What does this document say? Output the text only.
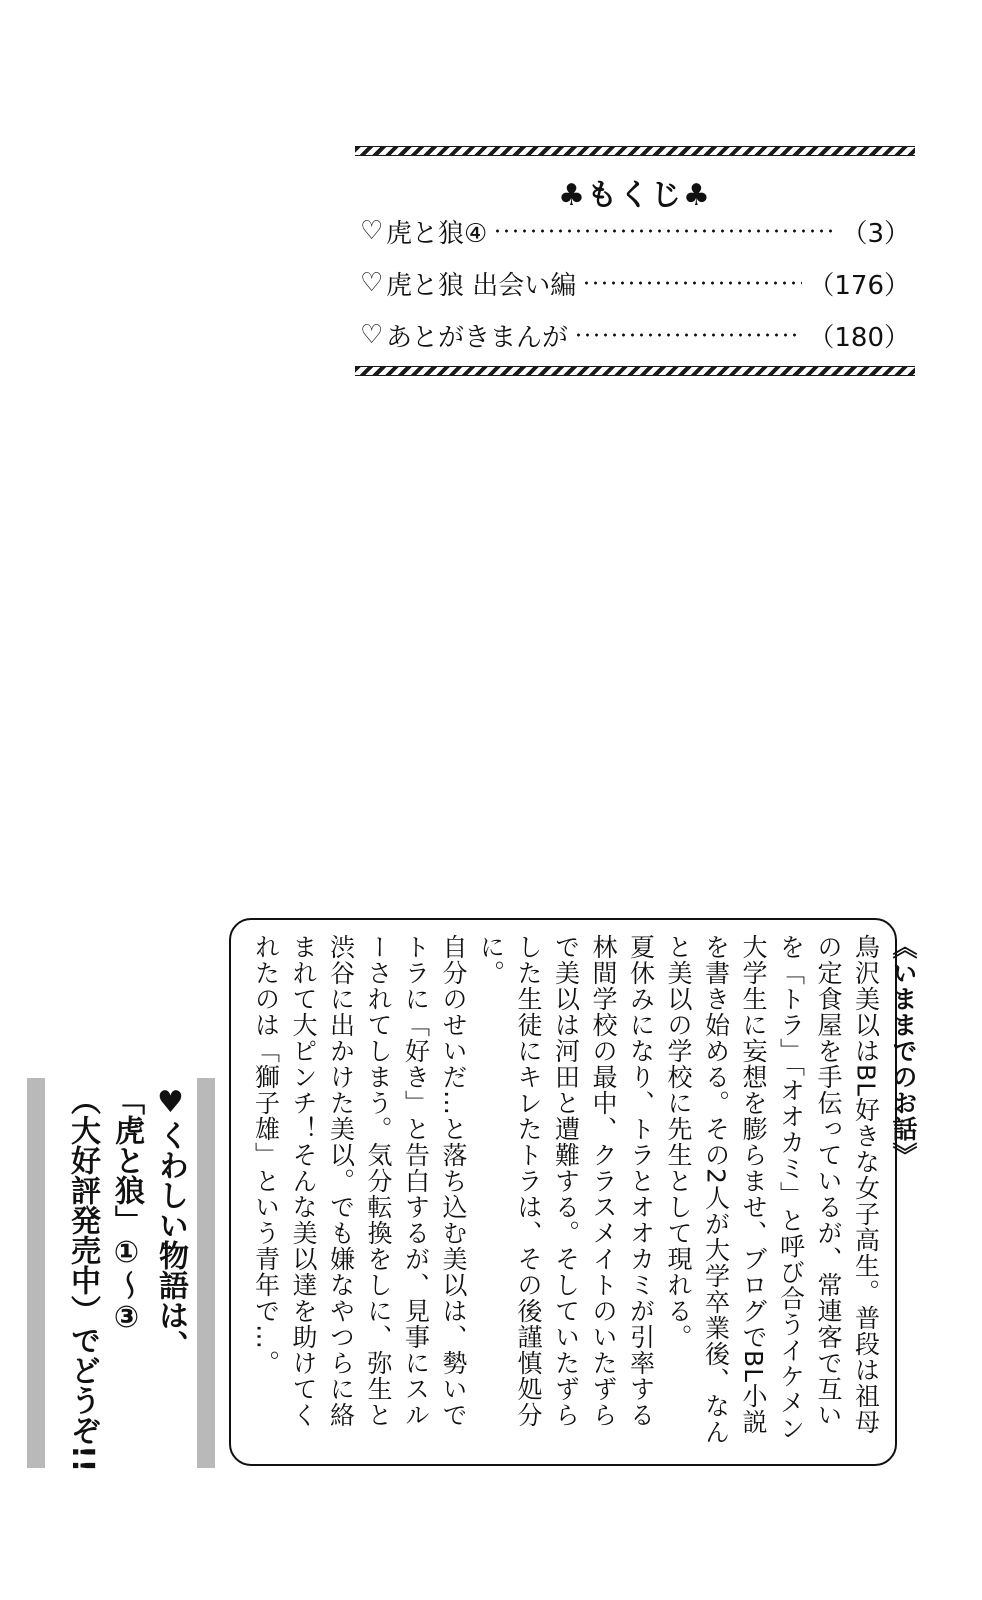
♣もくじ♣
♡ 虎と狼④	（3）
♡ 虎と狼 出会い編	（176）
♡ あとがきまんが	（180）

《いままでのお話》

鳥沢美以はBL好きな女子高生。普段は祖母の定食屋を手伝っているが、常連客で互いを「トラ」「オオカミ」と呼び合うイケメン大学生に妄想を膨らませ、ブログでBL小説を書き始める。その2人が大学卒業後、なんと美以の学校に先生として現れる。

夏休みになり、トラとオオカミが引率する林間学校の最中、クラスメイトのいたずらで美以は河田と遭難する。そしていたずらした生徒にキレたトラは、その後謹慎処分に。

自分のせいだ…と落ち込む美以は、勢いでトラに「好き」と告白するが、見事にスルーされてしまう。気分転換をしに、弥生と渋谷に出かけた美以。でも嫌なやつらに絡まれて大ピンチ！そんな美以達を助けてくれたのは「獅子雄」という青年で…。

♥くわしい物語は、
「虎と狼」①〜③
（大好評発売中）でどうぞ!!
